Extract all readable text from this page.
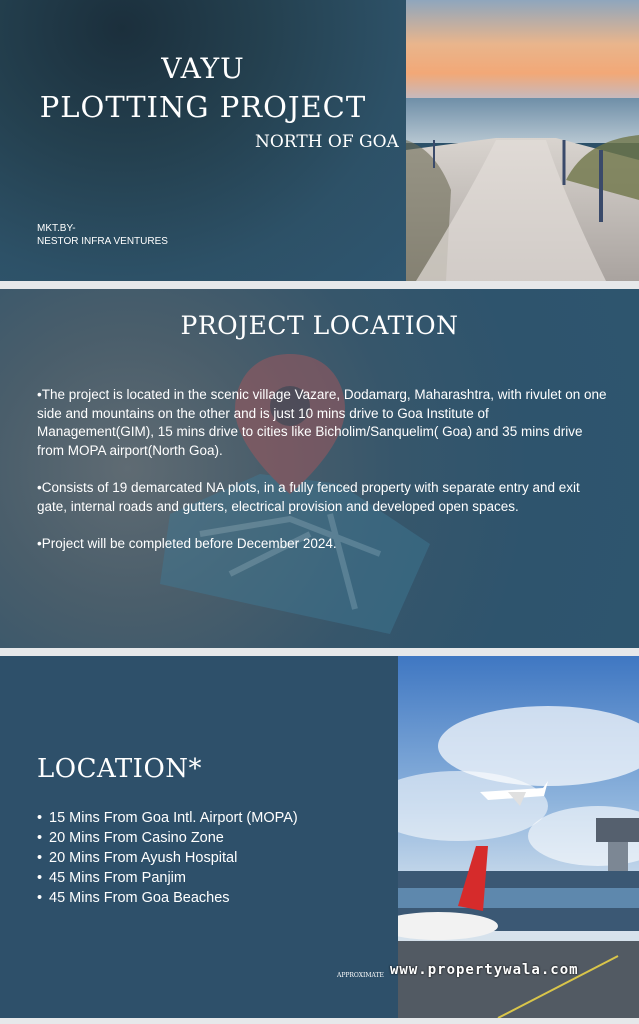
VAYU
PLOTTING PROJECT
NORTH OF GOA
MKT.BY-
NESTOR INFRA VENTURES
PROJECT LOCATION
•The project is located in the scenic village Vazare, Dodamarg, Maharashtra, with rivulet on one side and mountains on the other and is just 10 mins drive to Goa Institute of Management(GIM), 15 mins drive to cities like Bicholim/Sanquelim( Goa) and 35 mins drive from MOPA airport(North Goa).
•Consists of 19 demarcated NA plots, in a fully fenced property with separate entry and exit gate, internal roads and gutters, electrical provision and developed open spaces.
•Project will be completed before December 2024.
LOCATION*
• 15 Mins From Goa Intl. Airport (MOPA)
• 20 Mins From Casino Zone
• 20 Mins From Ayush Hospital
• 45 Mins From Panjim
• 45 Mins From Goa Beaches
APPROXIMATE www.propertywala.com
